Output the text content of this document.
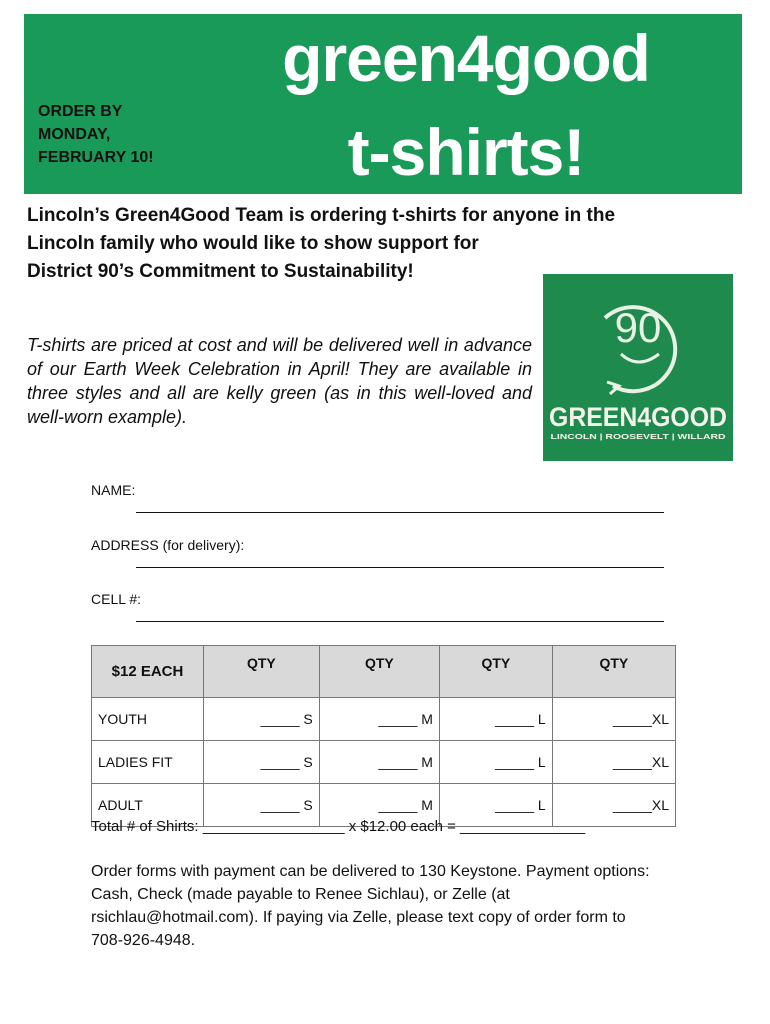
ORDER BY
MONDAY,
FEBRUARY 10!
green4good
t-shirts!
Lincoln’s Green4Good Team is ordering t-shirts for anyone in the
Lincoln family who would like to show support for
District 90’s Commitment to Sustainability!
T-shirts are priced at cost and will be delivered well in advance of our Earth Week Celebration in April! They are available in three styles and all are kelly green (as in this well-loved and well-worn example).
90
GREEN4GOOD
LINCOLN | ROOSEVELT | WILLARD
NAME:
ADDRESS (for delivery):
CELL #:
$12 EACH	QTY	QTY	QTY	QTY
YOUTH	_____ S	_____ M	_____ L	_____XL
LADIES FIT	_____ S	_____ M	_____ L	_____XL
ADULT	_____ S	_____ M	_____ L	_____XL
Total # of Shirts: _________________ x $12.00 each = _______________
Order forms with payment can be delivered to 130 Keystone. Payment options: Cash, Check (made payable to Renee Sichlau), or Zelle (at rsichlau@hotmail.com). If paying via Zelle, please text copy of order form to 708-926-4948.
